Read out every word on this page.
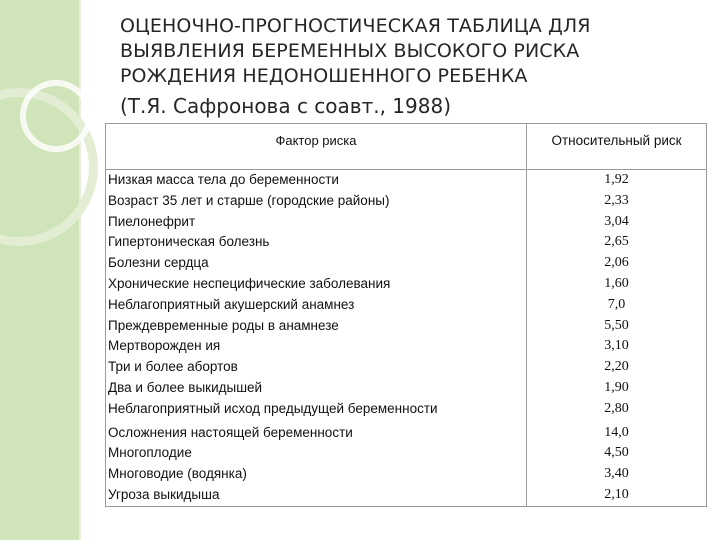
ОЦЕНОЧНО-ПРОГНОСТИЧЕСКАЯ ТАБЛИЦА ДЛЯ
ВЫЯВЛЕНИЯ БЕРЕМЕННЫХ ВЫСОКОГО РИСКА
РОЖДЕНИЯ НЕДОНОШЕННОГО РЕБЕНКА
(Т.Я. Сафронова с соавт., 1988)
Фактор риска	Относительный риск
Низкая масса тела до беременности	1,92
Возраст 35 лет и старше (городские районы)	2,33
Пиелонефрит	3,04
Гипертоническая болезнь	2,65
Болезни сердца	2,06
Хронические неспецифические заболевания	1,60
Неблагоприятный акушерский анамнез	7,0
Преждевременные роды в анамнезе	5,50
Мертворожден ия	3,10
Три и более абортов	2,20
Два и более выкидышей	1,90
Неблагоприятный исход предыдущей беременности	2,80
Осложнения настоящей беременности	14,0
Многоплодие	4,50
Многоводие (водянка)	3,40
Угроза выкидыша	2,10
